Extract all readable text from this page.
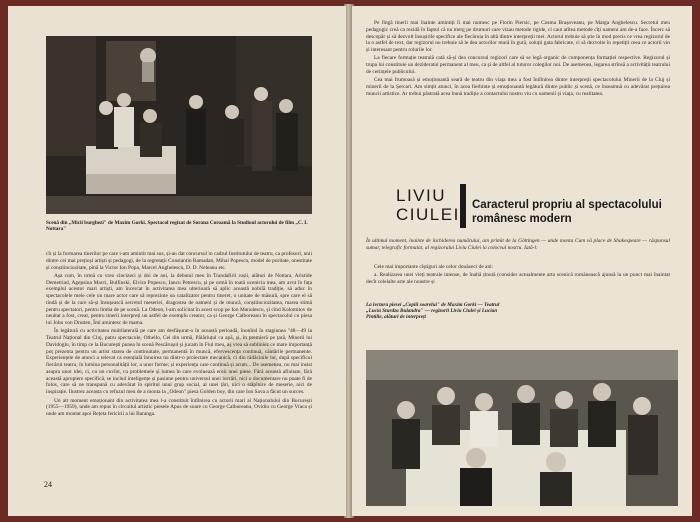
Scenă din „Micii burghezi" de Maxim Gorki. Spectacol regizat de Sorana Coroamă la Studioul actorului de film „C. I. Nottara"

cît și la formarea tinerilor pe care i-am amintit mai sus, și-au dat concursul in cadrul Institutului de teatru, ca profesori, unii dintre cei mai prețioși artiști și pedagogi, de la regretații Constantin Ramadan, Mihai Popescu, model de puritate, onestitate și conștiinciozitate, pînă la Victor Ion Popa, Marcel Anghelescu, D. D. Neleanu etc.

Așa cum, în urmă cu vreo cincizeci și doi de ani, la debutul meu în Trandafirii roșii, alături de Nottara, Aristide Demetriad, Agepsina Macri, Bulfinski, Elvira Popescu, Iancu Petrescu, și pe urmă în toată ucenicia mea, am avut în fața exemplul acestor mari artiști, am încercat în activitatea mea ulterioară să aplic această nobilă tradiție, să aduc în spectacolele mele cele un mare actor care să reprezinte un catalizator pentru tineret, o unitate de măsură, spre care el să tindă și de la care să-și însușească secretul meseriei, dragostea de oameni și de muncă, conștiinciozitatea, marea stimă pentru spectatori, pentru limba de pe scenă. La Odeon, l-am solicitat în acest scop pe Ion Manolescu, și cînd Kolomitov de neuitat a fost, creat, pentru tinerii interpreți un astfel de exemplu creator, ca și George Calboreanu în spectacolul cu piesa lui John von Drutten, Îmi amintesc de mama.

În legătură cu activitatea multilaterală pe care am desfășurat-o în această perioadă, înonînd în stagiunea "48—49 la Teatrul Național din Cluj, patru spectacole, Othello, Cei din urmă, Pălăriuțul ca apă, și, în premieră pe țară, Minerii lui Davidoglu, în timp ce la București punea în scenă Pescărușul și jucam în Fiul meu, aș vrea să subliniez ce mare importanță poț prezenta pentru un artist starea de continuitate, permanentă în muncă, efervescența continuă, căutările permanente. Experiențele de atunci a relevat ca esențială înnoirea nu dintr-o proiectare mecanică, ci din rădăcinile lor, după specificul fiecărui teatru, în lumina personalității lor, a unor forme; și experiența care continuă și acum... De asemenea, nu mai insist asupra unor idei, ci, cu un cuvînt, cu problemele și lumea în care evoluează eroii unei piese. Fără această afinitate, fără această apropiere specifică, se includ inteligențe și pasiune pentru universul unei lucrări, nici o documentare nu poate fi de folos, care să ne transpună cu adevărat în spiritul unui grup social, al unei țări, nici o stăpînire de meserie, nici de inspirație. Ilustrez aceasta cu refuzul meu de a monta la „Odeon" piesa Golden boy, din care Ion Sava a făcut un succes.

Un alt moment emoționant din activitatea mea l-a constituit întîlnirea cu actorii mari ai Naționalului din București (1955—1959), unde am repus în circuitul artistic piesele Apus de soare cu George Calboreanu, Ovidiu cu George Vraca și unde am montat apoi Rețeta fericirii a lui Baranga.

24

Pe lîngă tinerii mai înainte amintiți îi mai numesc pe Florin Piersic, pe Cosma Brașoveanu, pe Marga Anghelescu. Secretul meu pedagogic creă ca rezidă în faptul că nu merg pe drumuri care vizau metode rigide, ci caut atîtea metode cîți oameni am de-a face. Încerc să descopăr și să dezvolt însușirile specifice ale fiecăruia în altă dintre interpreții mei. Actorul trebuie să știe în mod precis ce vrea regizorul de la o astfel de text, dar regizorul nu trebuie să le dea actorilor mură în gură, soluții gata fabricate, ci să dezvolte în repetiții ceea ce actorii vin și interesant pentru rolurile lor.

La fiecare formație teatrală cată să-și dea concursul regizori care să se legă organic de componența formației respective. Regizorul și trupa lui constituie un dezideratul permanent al meu, ca și de altfel al tuturor colegilor noi. De asemenea, legarea strînsă a activității teatrului de cerințele publicului.

Cea mai frumoasă și emoționantă seară de teatru din viața mea a fost întîlnirea dintre interpreții spectacolului Minerii de la Cluj și minerii de la Șercari. Am simțit atunci, în acea fierbinte și emoționantă legătură dintre public și scenă, ce înseamnă cu adevărat prețuirea muncii artistice. Ar trebui păstrată acea bună tradiție a contactului nostru viu cu oamenii și viața, cu realitatea.

LIVIU
CIULEI Caracterul propriu al spectacolului românesc modern
În ultimul moment, înainte de închiderea numărului, am primit de la Göttingen — unde monta Cum vă place de Shakespeare — răspunsul sumar, telegrafic formulat, al regizorului Liviu Ciulei la colocvul nostru. Iată-l:
Cele mai importante cîștiguri ale celor douăzeci de ani:
a. Realizarea unei vieți teatrale intense, de înaltă ținută (consider actualmente arta scenică românească ajunsă la un punct mai înaintat decît celelalte arte ale noastre și
La lectura piesei „Copiii soarelui" de Maxim Gorki — Teatrul „Lucia Sturdza Bulandra" — regizorii Liviu Ciulei și Lucian Pintilie, alături de interpreți
